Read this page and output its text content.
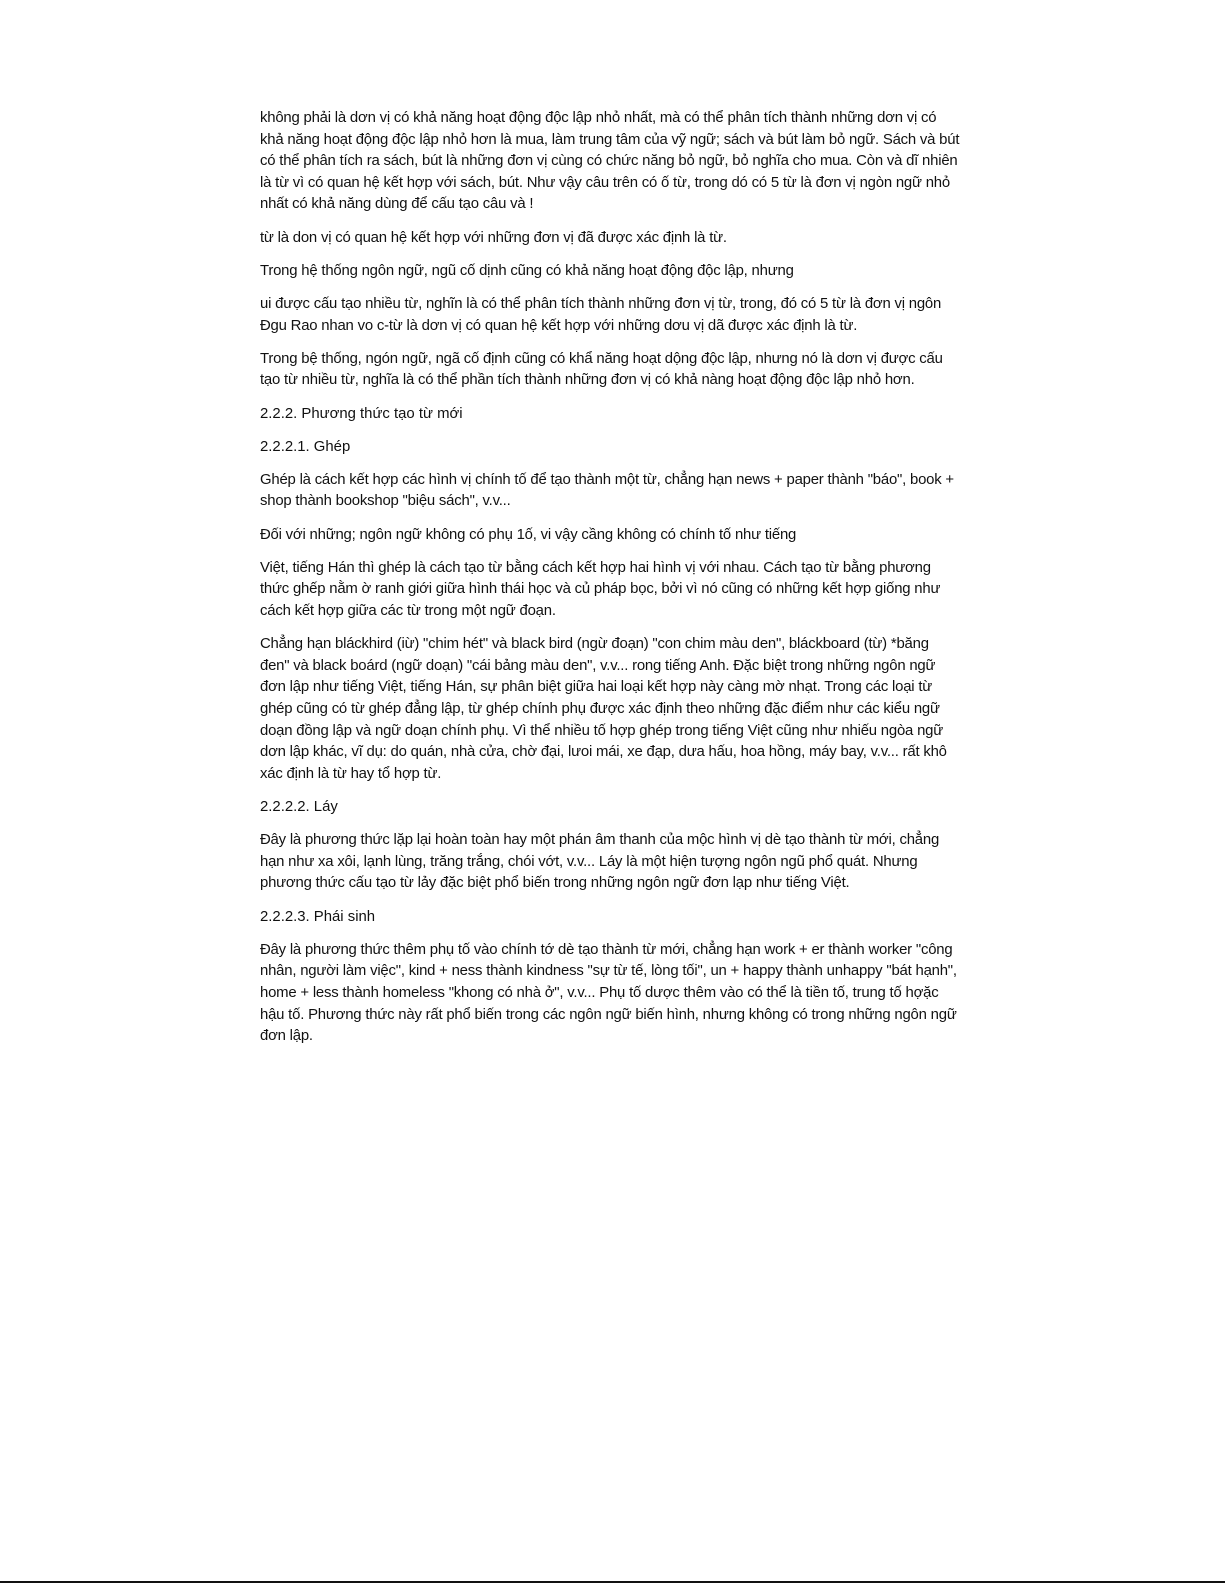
không phải là dơn vị có khả năng hoạt động độc lập nhỏ nhất, mà có thể phân tích thành những dơn vị có khả năng hoạt động độc lập nhỏ hơn là mua, làm trung tâm của vỹ ngữ; sách và bút làm bỏ ngữ. Sách và bút có thể phân tích ra sách, bút là những đơn vị cùng có chức năng bỏ ngữ, bỏ nghĩa cho mua. Còn và dĩ nhiên là từ vì có quan hệ kết hợp với sách, bút. Như vậy câu trên có ố từ, trong dó có 5 từ là đơn vị ngòn ngữ nhỏ nhất có khả năng dùng để cấu tạo câu và !

từ là don vị có quan hệ kết hợp với những đơn vị đã được xác định là từ.

Trong hệ thống ngôn ngữ, ngũ cố dịnh cũng có khả năng hoạt động độc lập, nhưng

ui được cấu tạo nhiều từ, nghĩn là có thể phân tích thành những đơn vị từ, trong, đó có 5 từ là đơn vị ngôn Đgu Rao nhan vo c-từ là dơn vị có quan hệ kết hợp với những dơu vị dã được xác định là từ.

Trong bệ thống, ngón ngữ, ngã cố định cũng có khẩ năng hoạt dộng độc lập, nhưng nó là dơn vị được cấu tạo từ nhiều từ, nghĩa là có thể phần tích thành những đơn vị có khả nàng hoạt động độc lập nhỏ hơn.

2.2.2. Phương thức tạo từ mới

2.2.2.1. Ghép

Ghép là cách kết hợp các hình vị chính tố để tạo thành một từ, chẳng hạn news + paper thành "báo", book + shop thành bookshop "biệu sách", v.v...

Đối với những; ngôn ngữ không có phụ 1ố, vi vậy cầng không có chính tố như tiếng

Việt, tiếng Hán thì ghép là cách tạo từ bằng cách kết hợp hai hình vị với nhau. Cách tạo từ bằng phương thức ghếp nằm ờ ranh giới giữa hình thái học và củ pháp bọc, bởi vì nó cũng có những kết hợp giống như cách kết hợp giữa các từ trong một ngữ đoạn.

Chẳng hạn bláckhird (iừ) "chim hét" và black bird (ngừ đoạn) "con chim màu den", bláckboard (từ) *băng đen" và black boárd (ngữ doạn) "cái bảng màu den", v.v... rong tiếng Anh. Đặc biệt trong những ngôn ngữ đơn lập như tiếng Việt, tiếng Hán, sự phân biệt giữa hai loại kết hợp này càng mờ nhạt. Trong các loại từ ghép cũng có từ ghép đẳng lập, từ ghép chính phụ được xác định theo những đặc điểm như các kiểu ngữ doạn đồng lập và ngữ doạn chính phụ. Vì thể nhiều tố hợp ghép trong tiếng Việt cũng như nhiếu ngòa ngữ dơn lập khác, vĩ dụ: do quán, nhà cửa, chờ đại, lưoi mái, xe đạp, dưa hấu, hoa hồng, máy bay, v.v... rất khô xác định là từ hay tổ hợp từ.

2.2.2.2. Láy

Đây là phương thức lặp lại hoàn toàn hay một phán âm thanh của mộc hình vị dè tạo thành từ mới, chẳng hạn như xa xôi, lạnh lùng, trăng trắng, chói vớt, v.v... Láy là một hiện tượng ngôn ngũ phổ quát. Nhưng phương thức cấu tạo từ lảy đặc biệt phổ biến trong những ngôn ngữ đơn lạp như tiếng Việt.

2.2.2.3. Phái sinh

Đây là phương thức thêm phụ tố vào chính tớ dè tạo thành từ mới, chẳng hạn work + er thành worker "công nhân, người làm việc", kind + ness thành kindness "sự từ tế, lòng tối", un + happy thành unhappy "bát hạnh", home + less thành homeless "khong có nhà ở", v.v... Phụ tố dược thêm vào có thể là tiền tố, trung tố hợặc hậu tố. Phương thức này rất phổ biến trong các ngôn ngữ biến hình, nhưng không có trong những ngôn ngữ đơn lập.
